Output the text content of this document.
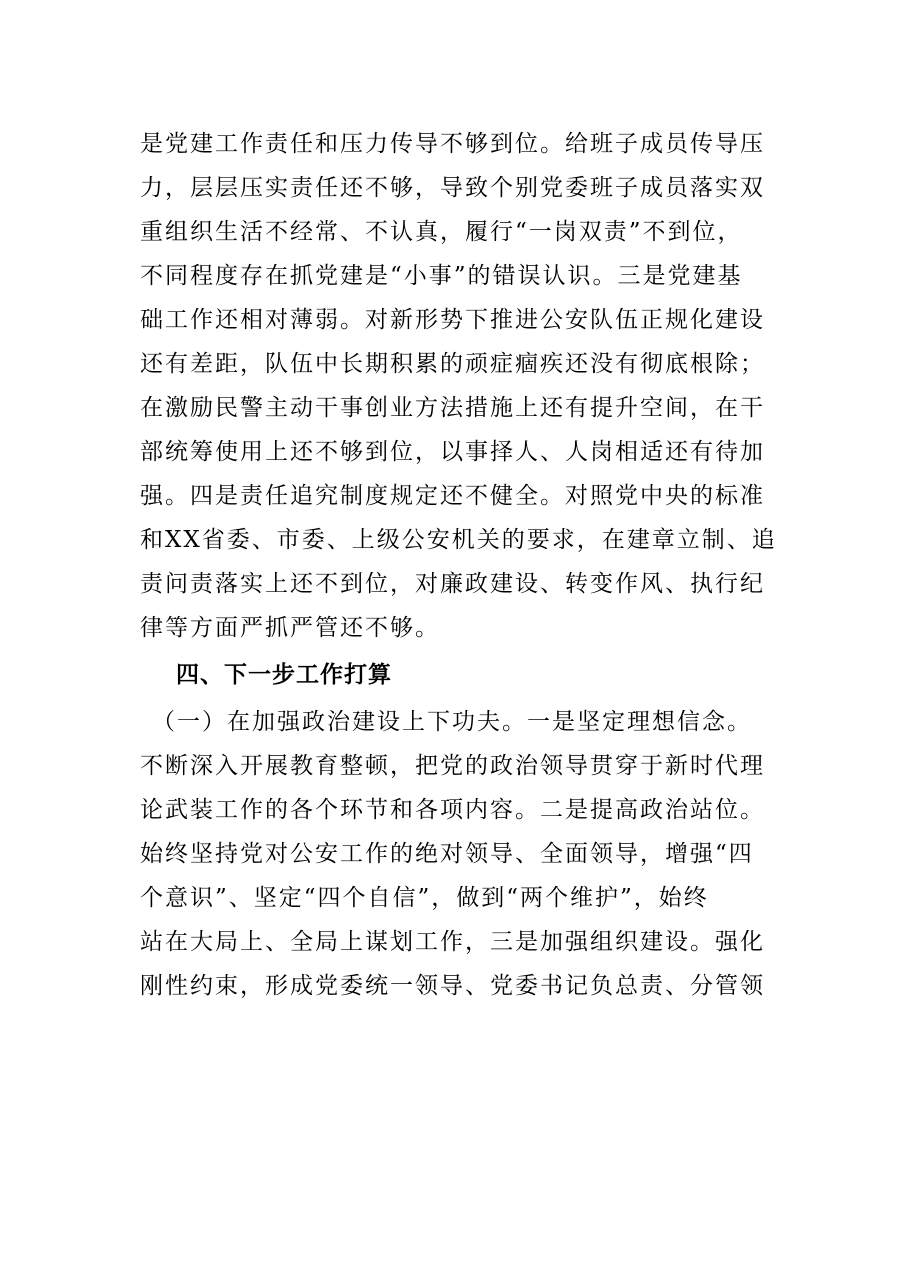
是党建工作责任和压力传导不够到位。给班子成员传导压
力，层层压实责任还不够，导致个别党委班子成员落实双
重组织生活不经常、不认真，履行“一岗双责”不到位，
不同程度存在抓党建是“小事”的错误认识。三是党建基
础工作还相对薄弱。对新形势下推进公安队伍正规化建设
还有差距，队伍中长期积累的顽症痼疾还没有彻底根除；
在激励民警主动干事创业方法措施上还有提升空间，在干
部统筹使用上还不够到位，以事择人、人岗相适还有待加
强。四是责任追究制度规定还不健全。对照党中央的标准
和XX省委、市委、上级公安机关的要求，在建章立制、追
责问责落实上还不到位，对廉政建设、转变作风、执行纪
律等方面严抓严管还不够。
四、下一步工作打算
（一）在加强政治建设上下功夫。一是坚定理想信念。
不断深入开展教育整顿，把党的政治领导贯穿于新时代理
论武装工作的各个环节和各项内容。二是提高政治站位。
始终坚持党对公安工作的绝对领导、全面领导，增强“四
个意识”、坚定“四个自信”，做到“两个维护”，始终
站在大局上、全局上谋划工作，三是加强组织建设。强化
刚性约束，形成党委统一领导、党委书记负总责、分管领
